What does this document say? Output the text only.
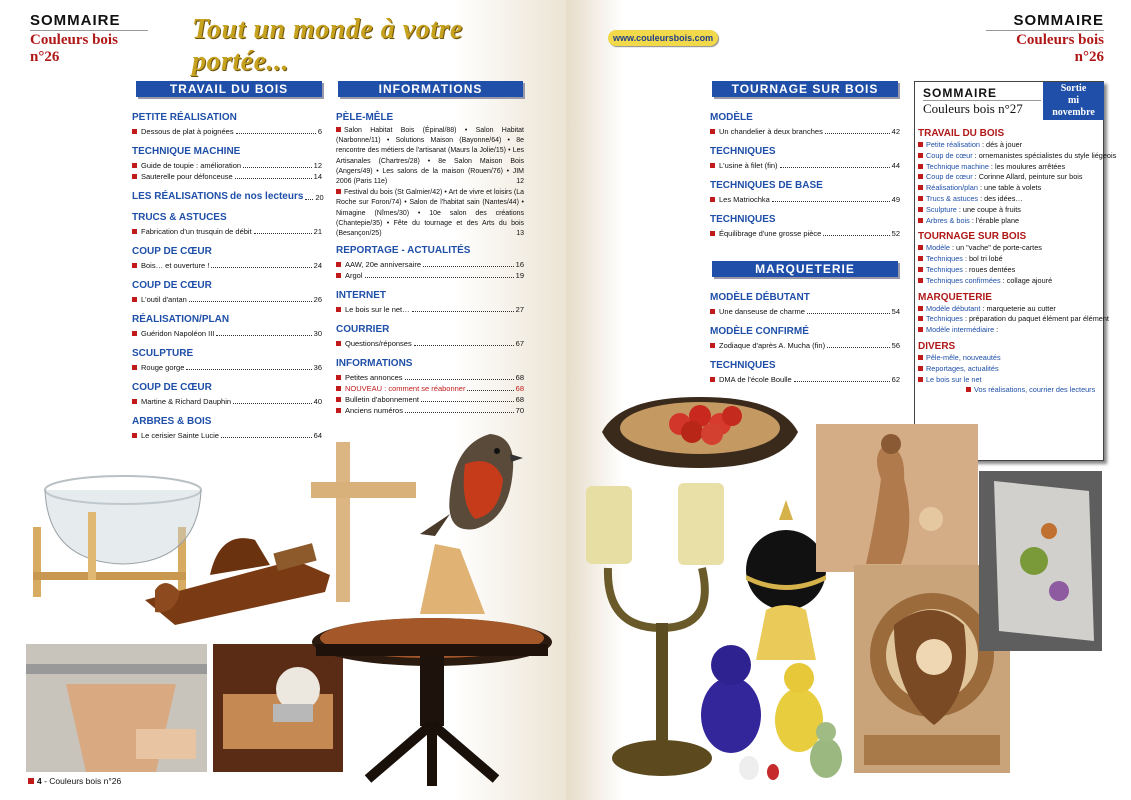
SOMMAIRE
Couleurs bois n°26
Tout un monde à votre portée...
TRAVAIL DU BOIS	INFORMATIONS
PETITE RÉALISATION
Dessous de plat à poignées	6
TECHNIQUE MACHINE
Guide de toupie : amélioration	12
Sauterelle pour défonceuse	14
LES RÉALISATIONS
de nos lecteurs 20
TRUCS & ASTUCES
Fabrication d'un trusquin de débit	21
COUP DE CŒUR
Bois… et ouverture !	24
COUP DE CŒUR
L'outil d'antan	26
RÉALISATION/PLAN
Guéridon Napoléon III	30
SCULPTURE
Rouge gorge	36
COUP DE CŒUR
Martine & Richard Dauphin	40
ARBRES & BOIS
Le cerisier Sainte Lucie	64
PÈLE-MÊLE
Salon Habitat Bois (Épinal/88) • Salon Habitat (Narbonne/11) • Solutions Maison (Bayonne/64) • 8e rencontre des métiers de l'artisanat (Maurs la Jolie/15) • Les Artisanales (Chartres/28) • 8e Salon Maison Bois (Angers/49) • Les salons de la maison (Rouen/76) • JIM 2006 (Paris 11e)	12
Festival du bois (St Galmier/42) • Art de vivre et loisirs (La Roche sur Foron/74) • Salon de l'habitat sain (Nantes/44) • Nimagine (Nîmes/30) • 10e salon des créations (Chantepie/35) • Fête du tournage et des Arts du bois (Besançon/25)	13
REPORTAGE - ACTUALITÉS
AAW, 20e anniversaire	16
Argol	19
INTERNET
Le bois sur le net…	27
COURRIER
Questions/réponses	67
INFORMATIONS
Petites annonces	68
NOUVEAU : comment se réabonner	68
Bulletin d'abonnement	68
Anciens numéros	70
4 - Couleurs bois n°26
www.couleursbois.com
SOMMAIRE
Couleurs bois n°26
TOURNAGE SUR BOIS
MODÈLE
Un chandelier à deux branches	42
TECHNIQUES
L'usine à filet (fin)	44
TECHNIQUES DE BASE
Les Matriochka	49
TECHNIQUES
Équilibrage d'une grosse pièce	52
MARQUETERIE
MODÈLE DÉBUTANT
Une danseuse de charme	54
MODÈLE CONFIRMÉ
Zodiaque d'après A. Mucha (fin)	56
TECHNIQUES
DMA de l'école Boulle	62
SOMMAIRE
Couleurs bois n°27
Sortie
mi
novembre
TRAVAIL DU BOIS
Petite réalisation : dés à jouer
Coup de cœur : ornemanistes spécialistes du style liégeois
Technique machine : les moulures arrêtées
Coup de cœur : Corinne Allard, peinture sur bois
Réalisation/plan : une table à volets
Trucs & astuces : des idées…
Sculpture : une coupe à fruits
Arbres & bois : l'érable plane
TOURNAGE SUR BOIS
Modèle : un "vache" de porte-cartes
Techniques : bol tri lobé
Techniques : roues dentées
Techniques confirmées : collage ajouré
MARQUETERIE
Modèle débutant : marqueterie au cutter
Techniques : préparation du paquet élément par élément
Modèle intermédiaire :
DIVERS
Pêle-mêle, nouveautés
Reportages, actualités
Le bois sur le net
Vos réalisations, courrier des lecteurs
